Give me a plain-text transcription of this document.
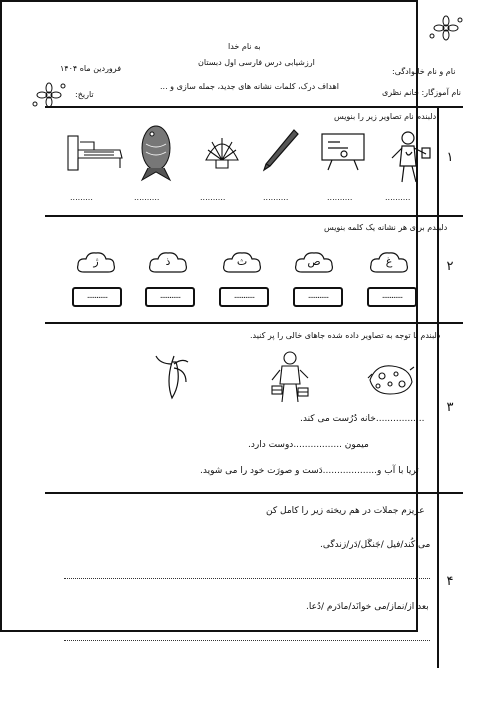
به نام خدا
ارزشیابی درس فارسی اول دبستان
اهداف درک، کلمات نشانه های جدید، جمله سازی و ...
نام و نام خانوادگی:
نام آموزگار: خانم نظری
فروردین ماه ۱۴۰۴
تاریخ:
۱
دلبندم نام تصاویر زیر را بنویس
..........
..........
..........
..........
..........
.........
۲
دلبندم برای هر نشانه یک کلمه بنویس
غ
ص
ث
ذ
ژ
...........
...........
...........
...........
...........
۳
دلبندم با توجه به تصاویر داده شده جاهای خالی را پر کنید.
.................خانه دُرُست می کند.
میمون .................دوست دارد.
ثریا با آب و...................دَست و صورَت خود را می شوید.
۴
عزیزم جملات در هم ریخته زیر را کامل کن
می کُند/فیل /جَنگَل/دَر/زندگی.
بعد از/نماز/می خوانَد/مادَرم /دُعا.
